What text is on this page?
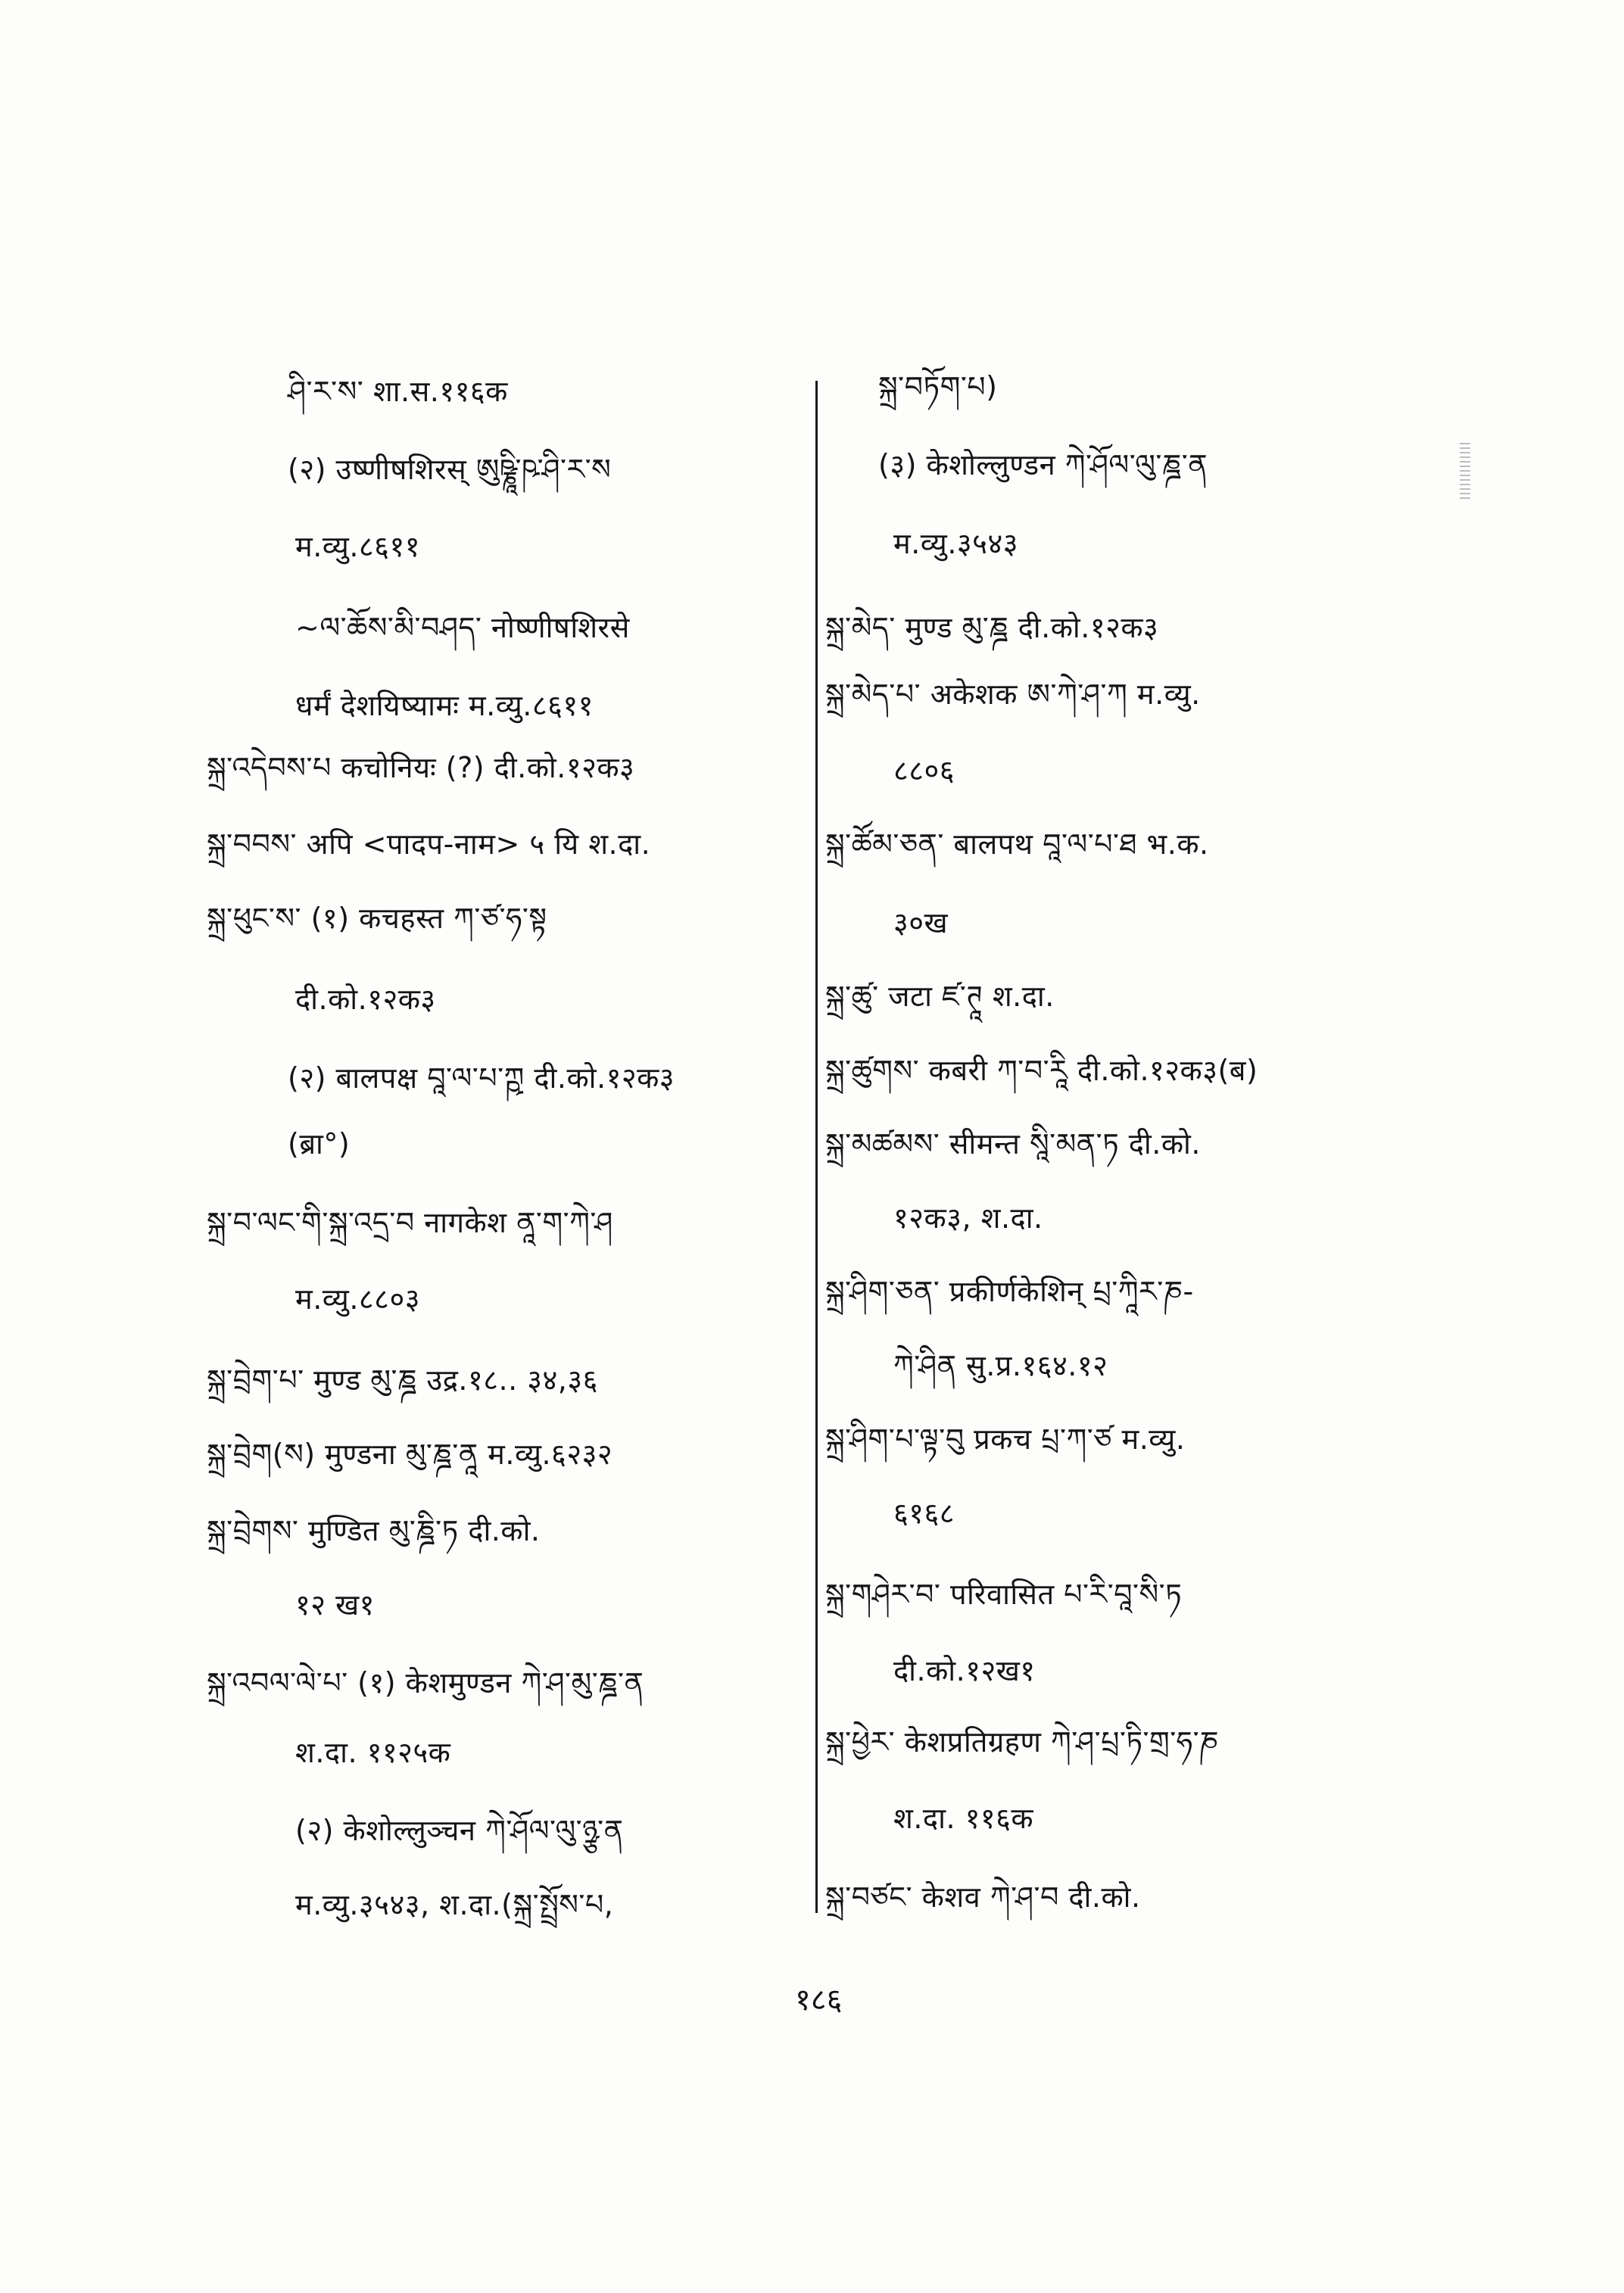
ཤི་ར་ས་ शा.स.११६क
(२) उष्णीषशिरस् ཨུཥྞཱི་ཥ་ཤི་ར་ས
म.व्यु.८६११
~ལ་ཆོས་མི་བཤད་ नोष्णीषशिरसे
धर्मं देशयिष्यामः म.व्यु.८६११
སྐྲ་འདེབས་པ कचोनियः (?) दी.को.१२क३
སྐྲ་བབས་ अपि <पादप-नाम> ५ यि श.दा.
སྐྲ་ཕུང་ས་ (१) कचहस्त ཀ་ཙ་ཧ་སྟ
दी.को.१२क३
(२) बालपक्ष བཱ་ལ་པ་ཀྵ दी.को.१२क३
(ब्रा°)
སྐྲ་བ་ལང་གི་སྐྲ་འདྲ་བ नागकेश ནཱ་ག་ཀེ་ཤ
म.व्यु.८८०३
སྐྲ་བྲེག་པ་ मुण्ड མུ་ཎྜ उद्र.१८.. ३४,३६
སྐྲ་བྲེག(ས) मुण्डना མུ་ཎྜ་ནཱ म.व्यु.६२३२
སྐྲ་བྲེགས་ मुण्डित མུ་ཎྜི་ཏ दी.को.
१२ ख१
སྐྲ་འབལ་ལེ་པ་ (१) केशमुण्डन ཀེ་ཤ་མུ་ཎྜ་ན
श.दा. ११२५क
(२) केशोल्लुञ्चन ཀེ་ཤོལ་ལུ་ཉྩ་ན
म.व्यु.३५४३, श.दा.(སྐྲ་སྤྲོས་པ,
སྐྲ་བཏོག་པ)
(३) केशोल्लुण्डन ཀེ་ཤོལ་ལུ་ཎྜ་ན
म.व्यु.३५४३
སྐྲ་མེད་ मुण्ड མུ་ཎྜ दी.को.१२क३
སྐྲ་མེད་པ་ अकेशक ཨ་ཀེ་ཤ་ཀ म.व्यु.
८८०६
སྐྲ་ཚོམ་ཅན་ बालपथ བཱ་ལ་པ་ཐ भ.क.
३०ख
སྐྲ་ཚུ་ जटा ཛ་ཊཱ श.दा.
སྐྲ་ཚུགས་ कबरी ཀ་བ་རཱི दी.को.१२क३(ब)
སྐྲ་མཚམས་ सीमन्त སཱི་མན་ཏ दी.को.
१२क३, श.दा.
སྐྲ་ཤིག་ཅན་ प्रकीर्णकेशिन् པྲ་ཀཱིར་ཎ-
ཀེ་ཤིན सु.प्र.१६४.१२
སྐྲ་ཤིག་པ་ལྟ་བུ प्रकच པྲ་ཀ་ཙ म.व्यु.
६१६८
སྐྲ་གཤེར་བ་ परिवासित པ་རི་བཱ་སི་ཏ
दी.को.१२ख१
སྐྲ་ཕྱེར་ केशप्रतिग्रहण ཀེ་ཤ་པྲ་ཏི་གྲ་ཧ་ཎ
श.दा. ११६क
སྐྲ་བཙང་ केशव ཀེ་ཤ་བ दी.को.
१८६
